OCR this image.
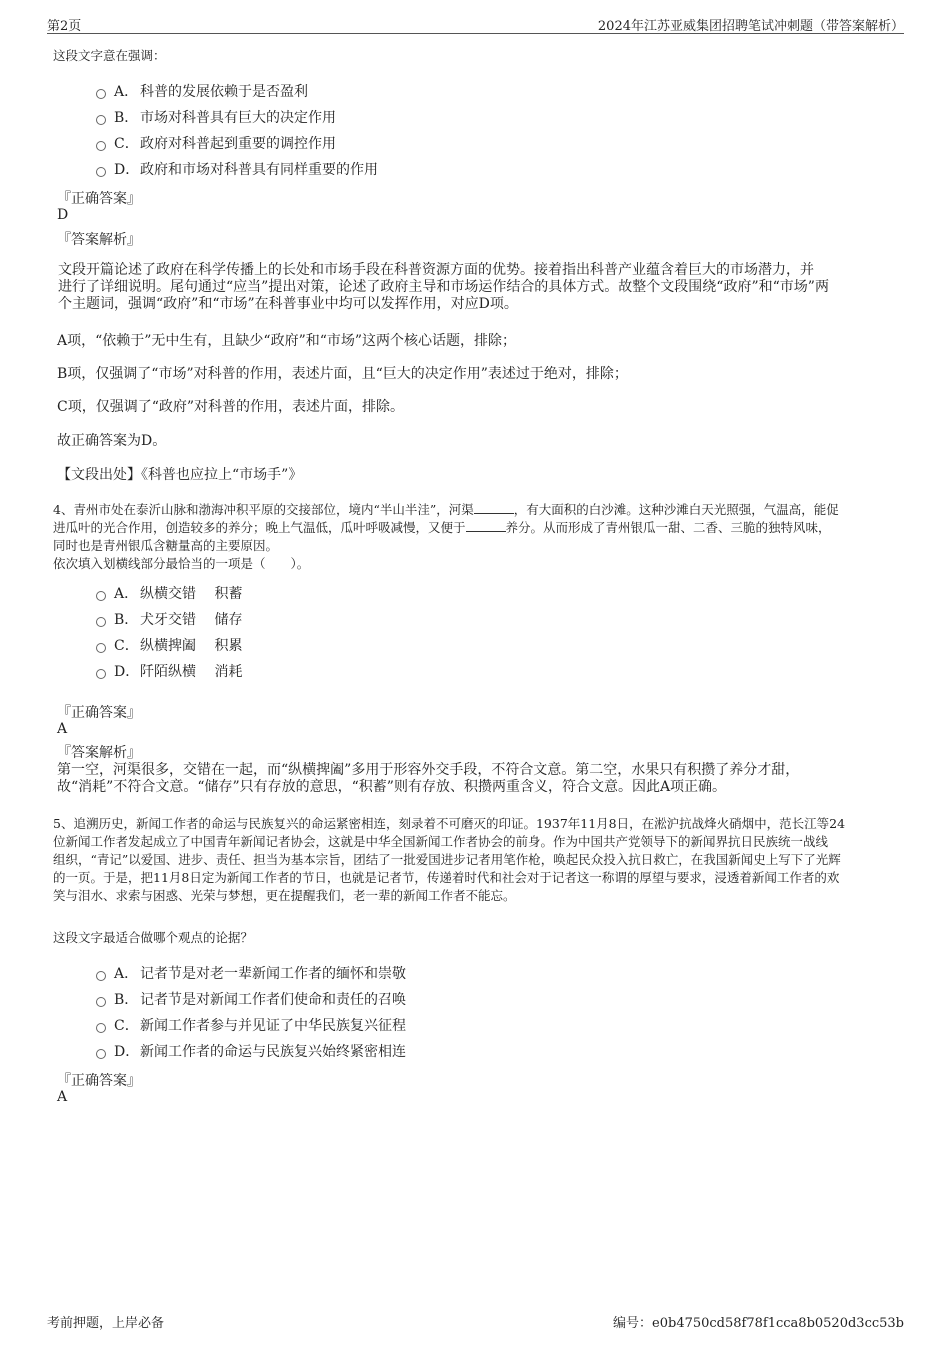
第2页	2024年江苏亚威集团招聘笔试冲刺题（带答案解析）
这段文字意在强调：
A． 科普的发展依赖于是否盈利
B． 市场对科普具有巨大的决定作用
C． 政府对科普起到重要的调控作用
D． 政府和市场对科普具有同样重要的作用
『正确答案』
D
『答案解析』
文段开篇论述了政府在科学传播上的长处和市场手段在科普资源方面的优势。接着指出科普产业蕴含着巨大的市场潜力，并
进行了详细说明。尾句通过“应当”提出对策，论述了政府主导和市场运作结合的具体方式。故整个文段围绕“政府”和“市场”两
个主题词，强调“政府”和“市场”在科普事业中均可以发挥作用，对应D项。
A项，“依赖于”无中生有，且缺少“政府”和“市场”这两个核心话题，排除；
B项，仅强调了“市场”对科普的作用，表述片面，且“巨大的决定作用”表述过于绝对，排除；
C项，仅强调了“政府”对科普的作用，表述片面，排除。
故正确答案为D。
【文段出处】《科普也应拉上“市场手”》
4、青州市处在泰沂山脉和渤海冲积平原的交接部位，境内“半山半洼”，河渠	，有大面积的白沙滩。这种沙滩白天光照强，气温高，能促
进瓜叶的光合作用，创造较多的养分；晚上气温低，瓜叶呼吸减慢，又便于	养分。从而形成了青州银瓜一甜、二香、三脆的独特风味，
同时也是青州银瓜含糖量高的主要原因。
依次填入划横线部分最恰当的一项是（　　）。
A． 纵横交错　 积蓄
B． 犬牙交错　 储存
C． 纵横捭阖　 积累
D． 阡陌纵横　 消耗
『正确答案』
A
『答案解析』
第一空，河渠很多，交错在一起，而“纵横捭阖”多用于形容外交手段，不符合文意。第二空，水果只有积攒了养分才甜，
故“消耗”不符合文意。“储存”只有存放的意思，“积蓄”则有存放、积攒两重含义，符合文意。因此A项正确。
5、追溯历史，新闻工作者的命运与民族复兴的命运紧密相连，刻录着不可磨灭的印证。1937年11月8日，在淞沪抗战烽火硝烟中，范长江等24
位新闻工作者发起成立了中国青年新闻记者协会，这就是中华全国新闻工作者协会的前身。作为中国共产党领导下的新闻界抗日民族统一战线
组织，“青记”以爱国、进步、责任、担当为基本宗旨，团结了一批爱国进步记者用笔作枪，唤起民众投入抗日救亡，在我国新闻史上写下了光辉
的一页。于是，把11月8日定为新闻工作者的节日，也就是记者节，传递着时代和社会对于记者这一称谓的厚望与要求，浸透着新闻工作者的欢
笑与泪水、求索与困惑、光荣与梦想，更在提醒我们，老一辈的新闻工作者不能忘。
这段文字最适合做哪个观点的论据？
A． 记者节是对老一辈新闻工作者的缅怀和崇敬
B． 记者节是对新闻工作者们使命和责任的召唤
C． 新闻工作者参与并见证了中华民族复兴征程
D． 新闻工作者的命运与民族复兴始终紧密相连
『正确答案』
A
考前押题，上岸必备	编号：e0b4750cd58f78f1cca8b0520d3cc53b
